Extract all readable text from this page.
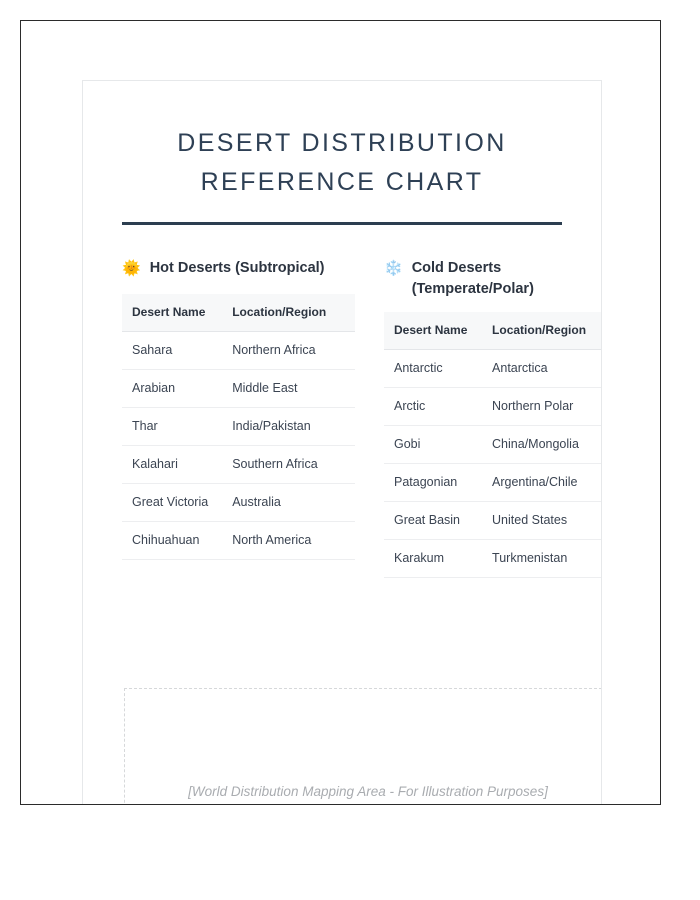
DESERT DISTRIBUTION
REFERENCE CHART
🌞 Hot Deserts (Subtropical)
Desert Name	Location/Region
Sahara	Northern Africa
Arabian	Middle East
Thar	India/Pakistan
Kalahari	Southern Africa
Great Victoria	Australia
Chihuahuan	North America
❄️ Cold Deserts (Temperate/Polar)
Desert Name	Location/Region
Antarctic	Antarctica
Arctic	Northern Polar
Gobi	China/Mongolia
Patagonian	Argentina/Chile
Great Basin	United States
Karakum	Turkmenistan
[World Distribution Mapping Area - For Illustration Purposes]
